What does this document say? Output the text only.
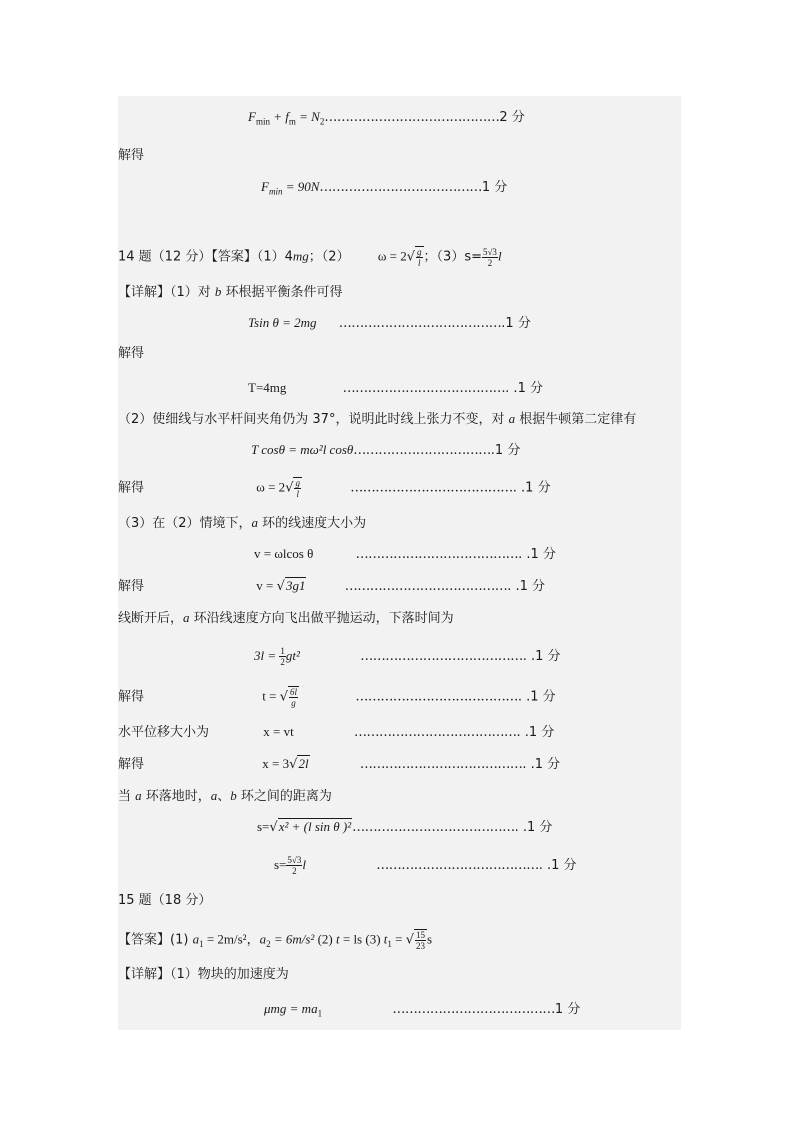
$F_{min} + f_m$ = $N_2\dots\dots\dots\dots\dots\dots\dots\dots\dots\dots\dots\dots\dots\dots 2$ 分
解得
$F_{min}$ = 90N…………………………………1 分
14 题（12 分）【答案】（1）4mg；（2） $\omega = 2√ \frac{g}{l}$ ；$(3)s= \frac{5√3}{2}$ l
【详解】（1）对 b 环根据平衡条件可得
Tsin θ = 2mg ………………………………….1 分
解得
T=4mg	…………………………………. .1 分
（2）使细线与水平杆间夹角仍为 37°，说明此时线上张力不变，对 a 根据牛顿第二定律有
T cosθ = mω²l cosθ…………………………….1 分
解得	$\omega = 2√ \frac{g}{l}$	…………………………………. .1 分
（3）在（2）情境下，a 环的线速度大小为
v = ωlcos θ	…………………………………. .1 分
解得	v = √3g1	…………………………………. .1 分
线断开后，a 环沿线速度方向飞出做平抛运动，下落时间为
$3l = \frac{1}{2} gt^2$	…………………………………. .1 分
解得	t = √ $\frac{6l}{g}$	…………………………………. .1 分
水平位移大小为	x = vt	…………………………………. .1 分
解得	x = 3√2l	…………………………………. .1 分
当 a 环落地时，a、b 环之间的距离为
s=√x² + (l sin θ )²…………………………………. .1 分
$s= \frac{5√3}{2}$ l	…………………………………. .1 分
15 题（18 分）
【答案】(1) $a_1 = 2m/s^2$，$a_2 = 6m/s^2$ (2) t = ls (3) $t_1$ = √ $\frac{15}{23}$ s
【详解】（1）物块的加速度为
$\mu mg = ma_1$	…………………………………1 分
